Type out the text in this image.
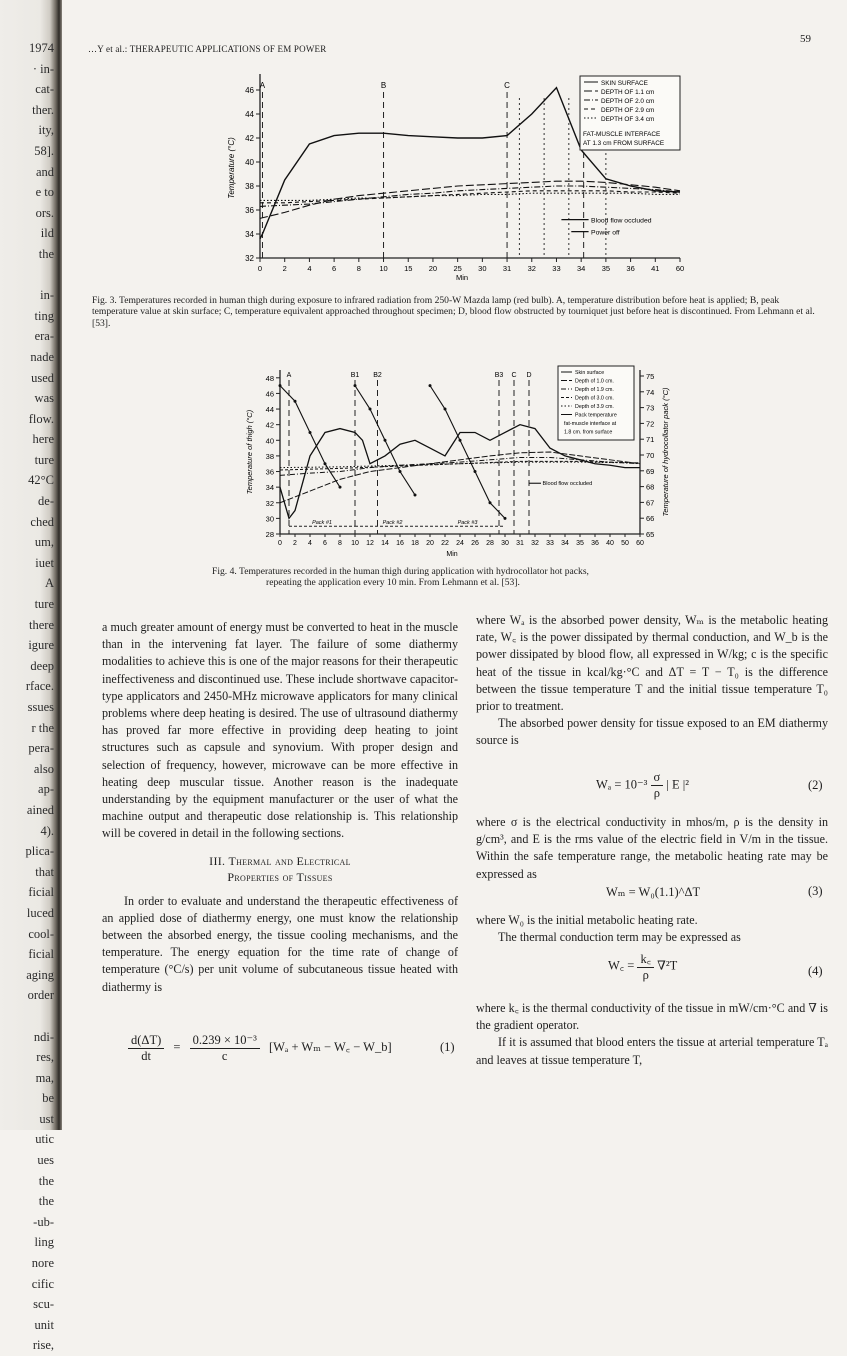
1974
· in-
cat-
ther.
ity,
58].
and
e to
ors.
ild
the

in-
ting
era-
nade
used
was
flow.
here
ture
42°C
de-
ched
um,
iuet
A
ture
there
igure
deep
rface.
ssues
r the
pera-
also
ap-
ained
4).
plica-
that
ficial
luced
cool-
ficial
aging
order

ndi-
res,
ma,
be
ust
utic
ues
the
the
-ub-
ling
nore
cific
scu-
unit
rise,
…Y et al.: THERAPEUTIC APPLICATIONS OF EM POWER
59
32
34
36
38
40
42
44
46
0	2	4	6	8 10 15 20 25 30 31 32 33 34 35 36 41 60
Min
Temperature (°C)
A	B	C	SKIN SURFACE
DEPTH OF 1.1 cm
DEPTH OF 2.0 cm
DEPTH OF 2.9 cm
DEPTH OF 3.4 cm
FAT-MUSCLE INTERFACE
AT 1.3 cm FROM SURFACE
Blood flow occluded
Power off
Fig. 3. Temperatures recorded in human thigh during exposure to infrared radiation from 250-W Mazda lamp (red bulb). A, temperature distribution before heat is applied; B, peak temperature value at skin surface; C, temperature equivalent approached throughout specimen; D, blood flow obstructed by tourniquet just before heat is discontinued. From Lehmann et al. [53].
28
30
32
34
36
38
40
42
44
46
48
65
66
67
68
69
70
71
72
73
74
75
0 2 4 6 8 10 12 14 16 18 20 22 24 26 28 30 31 32 33 34 35 36 40 50 60
Min
Temperature of thigh (°C)	Temperature of hydrocollator pack (°C)
A	B1 B2	B3 C D
Pack #1	Pack #2	Pack #3
Skin surface
Depth of 1.0 cm.
Depth of 1.9 cm.
Depth of 3.0 cm.
Depth of 3.9 cm.
Pack temperature
fat-muscle interface at
1.8 cm. from surface
Blood flow occluded
Fig. 4. Temperatures recorded in the human thigh during application with hydrocollator hot packs,
repeating the application every 10 min. From Lehmann et al. [53].

a much greater amount of energy must be converted to heat in the muscle than in the intervening fat layer. The failure of some diathermy modalities to achieve this is one of the major reasons for their therapeutic ineffectiveness and discontinued use. These include shortwave capacitor-type applicators and 2450-MHz microwave applicators for many clinical problems where deep heating is desired. The use of ultrasound diathermy has proved far more effective in providing deep heating to joint structures such as capsule and synovium. With proper design and selection of frequency, however, microwave can be more effective in heating deep muscular tissue. Another reason is the inadequate understanding by the equipment manufacturer or the user of what the machine output and therapeutic dose relationship is. This relationship will be covered in detail in the following sections.

III. Thermal and Electrical
Properties of Tissues

In order to evaluate and understand the therapeutic effectiveness of an applied dose of diathermy energy, one must know the relationship between the absorbed energy, the tissue cooling mechanisms, and the temperature. The energy equation for the time rate of change of temperature (°C/s) per unit volume of subcutaneous tissue heated with diathermy is

$\frac{d(\Delta T)}{dt} = \frac{\text{0.239 × 10⁻³}}{c} [W_a + W_m$ − W꜀ − W_b]	(1)

where Wₐ is the absorbed power density, Wₘ is the metabolic heating rate, W꜀ is the power dissipated by thermal conduction, and W_b is the power dissipated by blood flow, all expressed in W/kg; c is the specific heat of the tissue in kcal/kg·°C and ΔT = T − T₀ is the difference between the tissue temperature T and the initial tissue temperature T₀ prior to treatment.

The absorbed power density for tissue exposed to an EM diathermy source is

$W_a = 10^{-3} \frac{\sigma}{\rho}$ | E |²	(2)

where σ is the electrical conductivity in mhos/m, ρ is the density in g/cm³, and E is the rms value of the electric field in V/m in the tissue. Within the safe temperature range, the metabolic heating rate may be expressed as

Wₘ = W₀(1.1)^ΔT	(3)

where W₀ is the initial metabolic heating rate.

The thermal conduction term may be expressed as

W꜀ = $\frac{k꜀}{\rho} \nabla^2T$	(4)

where k꜀ is the thermal conductivity of the tissue in mW/cm·°C and ∇ is the gradient operator.

If it is assumed that blood enters the tissue at arterial temperature Tₐ and leaves at tissue temperature T,
